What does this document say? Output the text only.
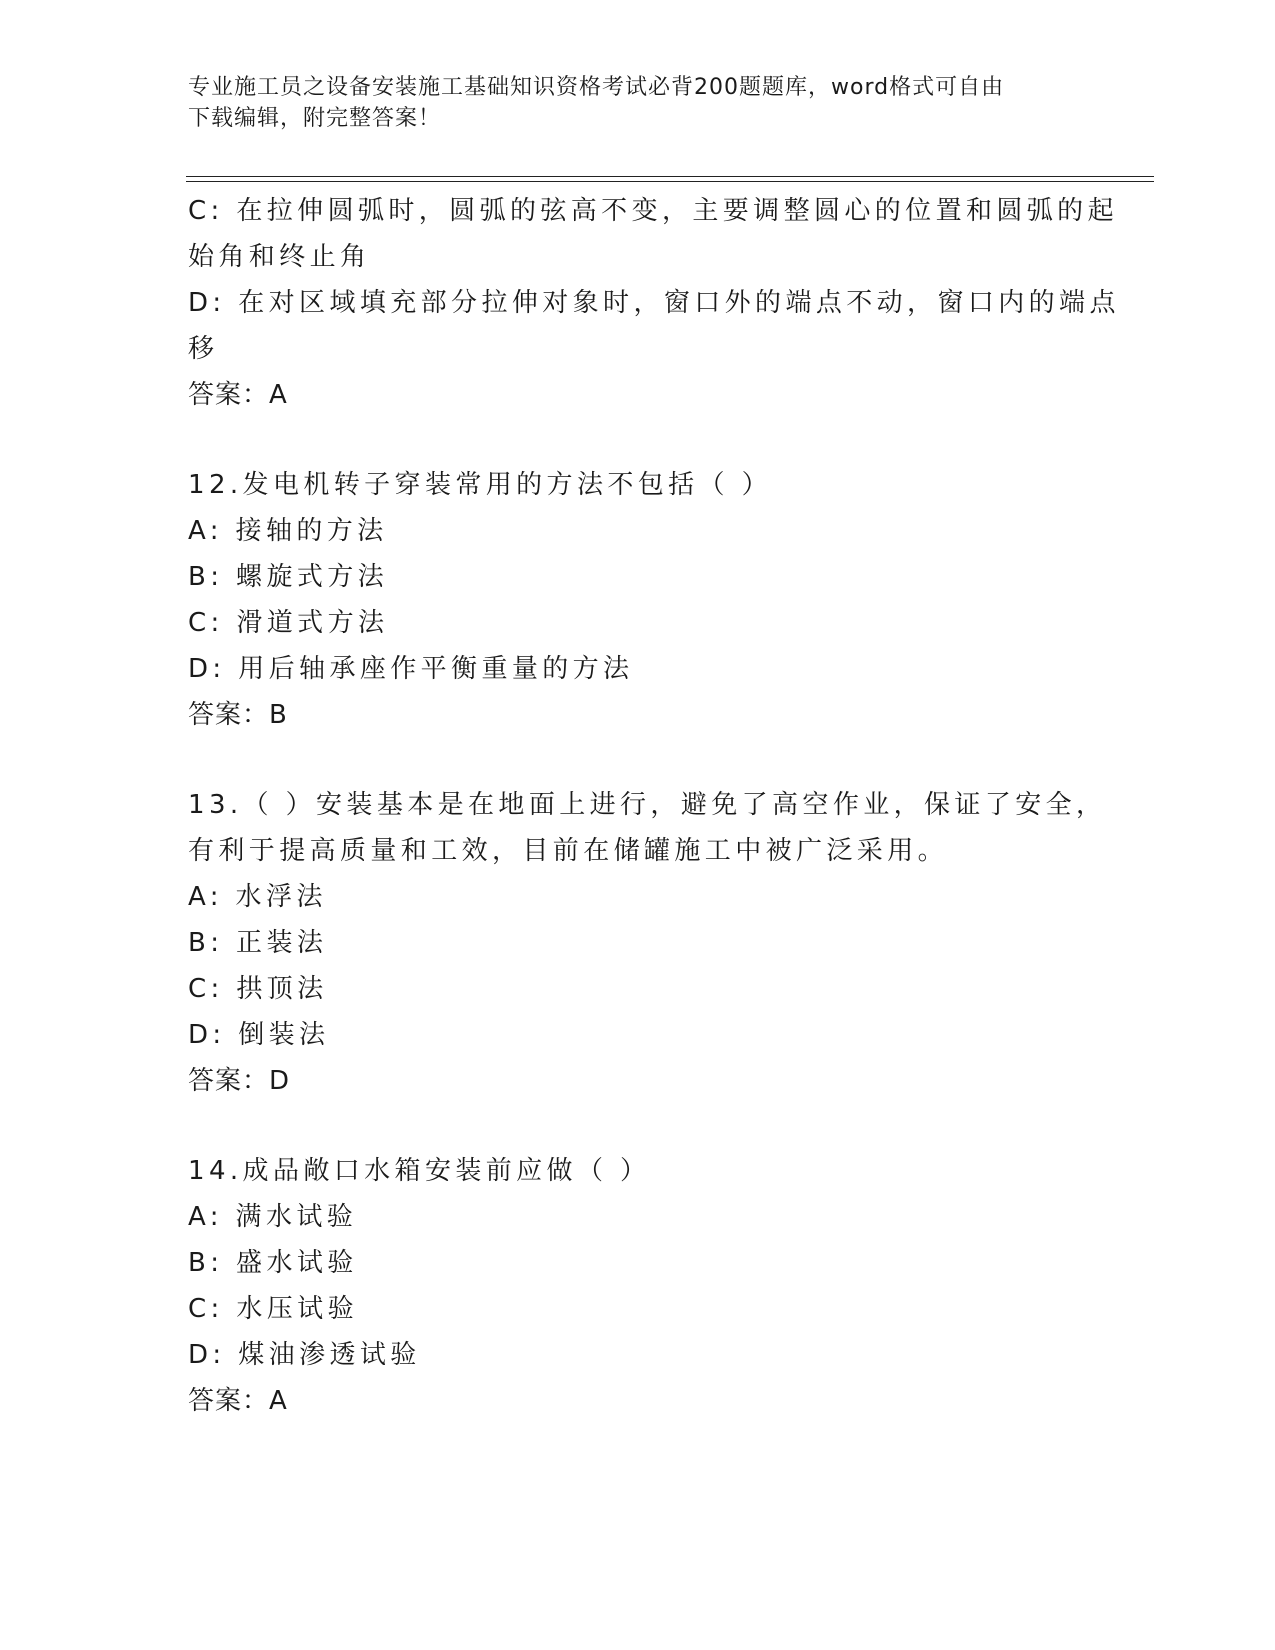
专业施工员之设备安装施工基础知识资格考试必背200题题库，word格式可自由
下载编辑，附完整答案！
C: 在拉伸圆弧时，圆弧的弦高不变，主要调整圆心的位置和圆弧的起
始角和终止角
D: 在对区域填充部分拉伸对象时，窗口外的端点不动，窗口内的端点
移
答案：A
12.发电机转子穿装常用的方法不包括（ ）
A: 接轴的方法
B: 螺旋式方法
C: 滑道式方法
D: 用后轴承座作平衡重量的方法
答案：B
13.（ ）安装基本是在地面上进行，避免了高空作业，保证了安全，
有利于提高质量和工效，目前在储罐施工中被广泛采用。
A: 水浮法
B: 正装法
C: 拱顶法
D: 倒装法
答案：D
14.成品敞口水箱安装前应做（ ）
A: 满水试验
B: 盛水试验
C: 水压试验
D: 煤油渗透试验
答案：A
